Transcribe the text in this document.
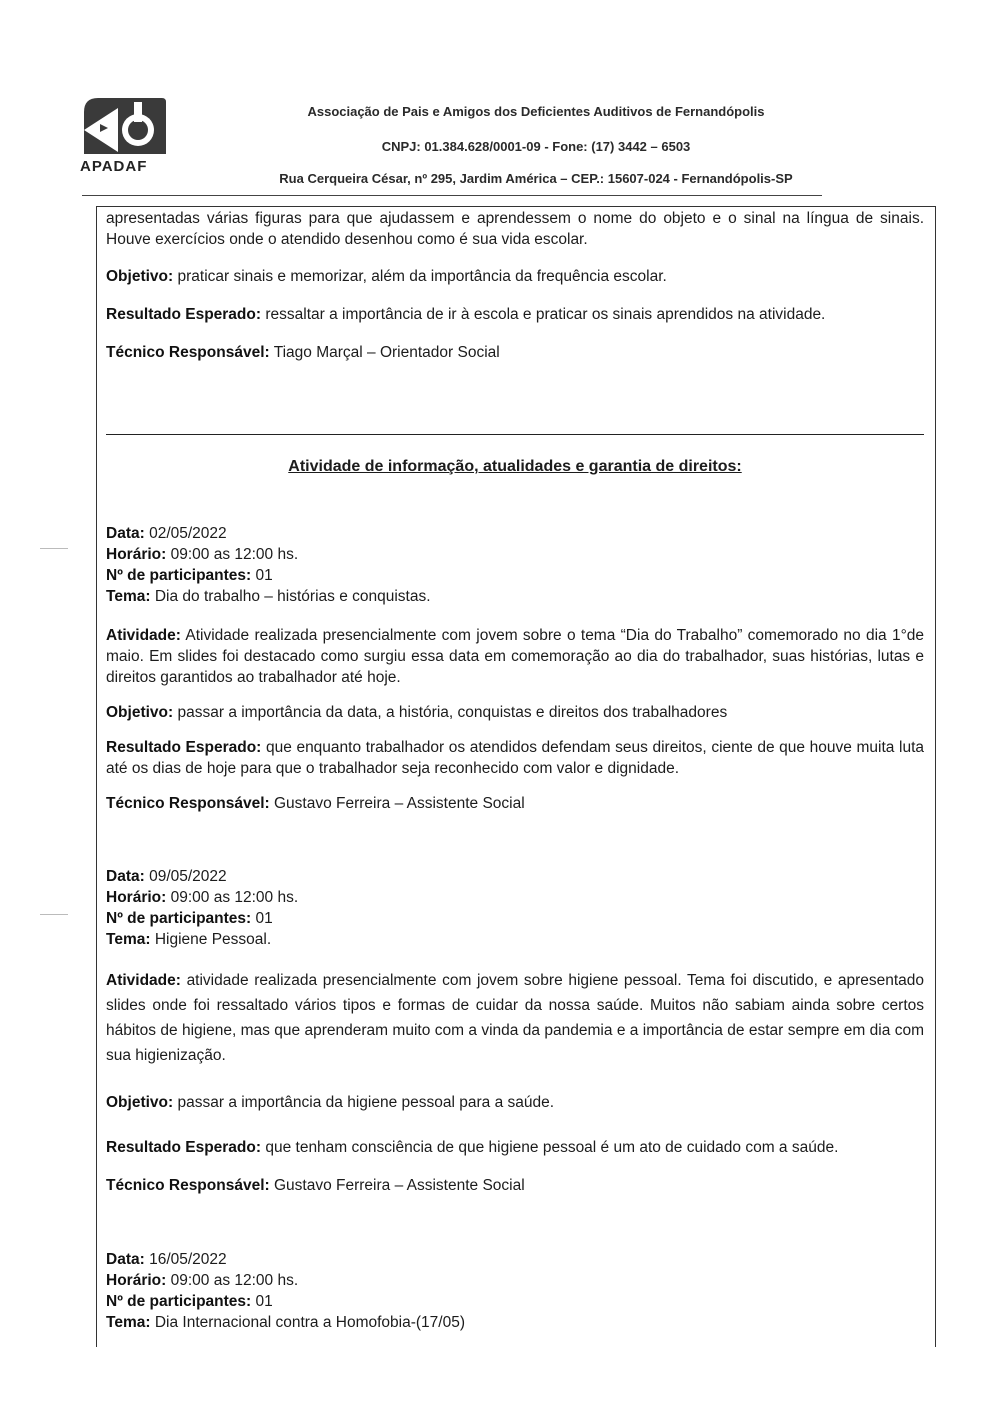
APADAF
Associação de Pais e Amigos dos Deficientes Auditivos de Fernandópolis
CNPJ: 01.384.628/0001-09 - Fone: (17) 3442 – 6503
Rua Cerqueira César, nº 295, Jardim América – CEP.: 15607-024 - Fernandópolis-SP

apresentadas várias figuras para que ajudassem e aprendessem o nome do objeto e o sinal na língua de sinais. Houve exercícios onde o atendido desenhou como é sua vida escolar.

Objetivo: praticar sinais e memorizar, além da importância da frequência escolar.

Resultado Esperado: ressaltar a importância de ir à escola e praticar os sinais aprendidos na atividade.

Técnico Responsável: Tiago Marçal – Orientador Social

Atividade de informação, atualidades e garantia de direitos:

Data: 02/05/2022

Horário: 09:00 as 12:00 hs.

Nº de participantes: 01

Tema: Dia do trabalho – histórias e conquistas.

Atividade: Atividade realizada presencialmente com jovem sobre o tema “Dia do Trabalho” comemorado no dia 1°de maio. Em slides foi destacado como surgiu essa data em comemoração ao dia do trabalhador, suas histórias, lutas e direitos garantidos ao trabalhador até hoje.

Objetivo: passar a importância da data, a história, conquistas e direitos dos trabalhadores

Resultado Esperado: que enquanto trabalhador os atendidos defendam seus direitos, ciente de que houve muita luta até os dias de hoje para que o trabalhador seja reconhecido com valor e dignidade.

Técnico Responsável: Gustavo Ferreira – Assistente Social

Data: 09/05/2022

Horário: 09:00 as 12:00 hs.

Nº de participantes: 01

Tema: Higiene Pessoal.

Atividade: atividade realizada presencialmente com jovem sobre higiene pessoal. Tema foi discutido, e apresentado slides onde foi ressaltado vários tipos e formas de cuidar da nossa saúde. Muitos não sabiam ainda sobre certos hábitos de higiene, mas que aprenderam muito com a vinda da pandemia e a importância de estar sempre em dia com sua higienização.

Objetivo: passar a importância da higiene pessoal para a saúde.

Resultado Esperado: que tenham consciência de que higiene pessoal é um ato de cuidado com a saúde.

Técnico Responsável: Gustavo Ferreira – Assistente Social

Data: 16/05/2022

Horário: 09:00 as 12:00 hs.

Nº de participantes: 01

Tema: Dia Internacional contra a Homofobia-(17/05)
